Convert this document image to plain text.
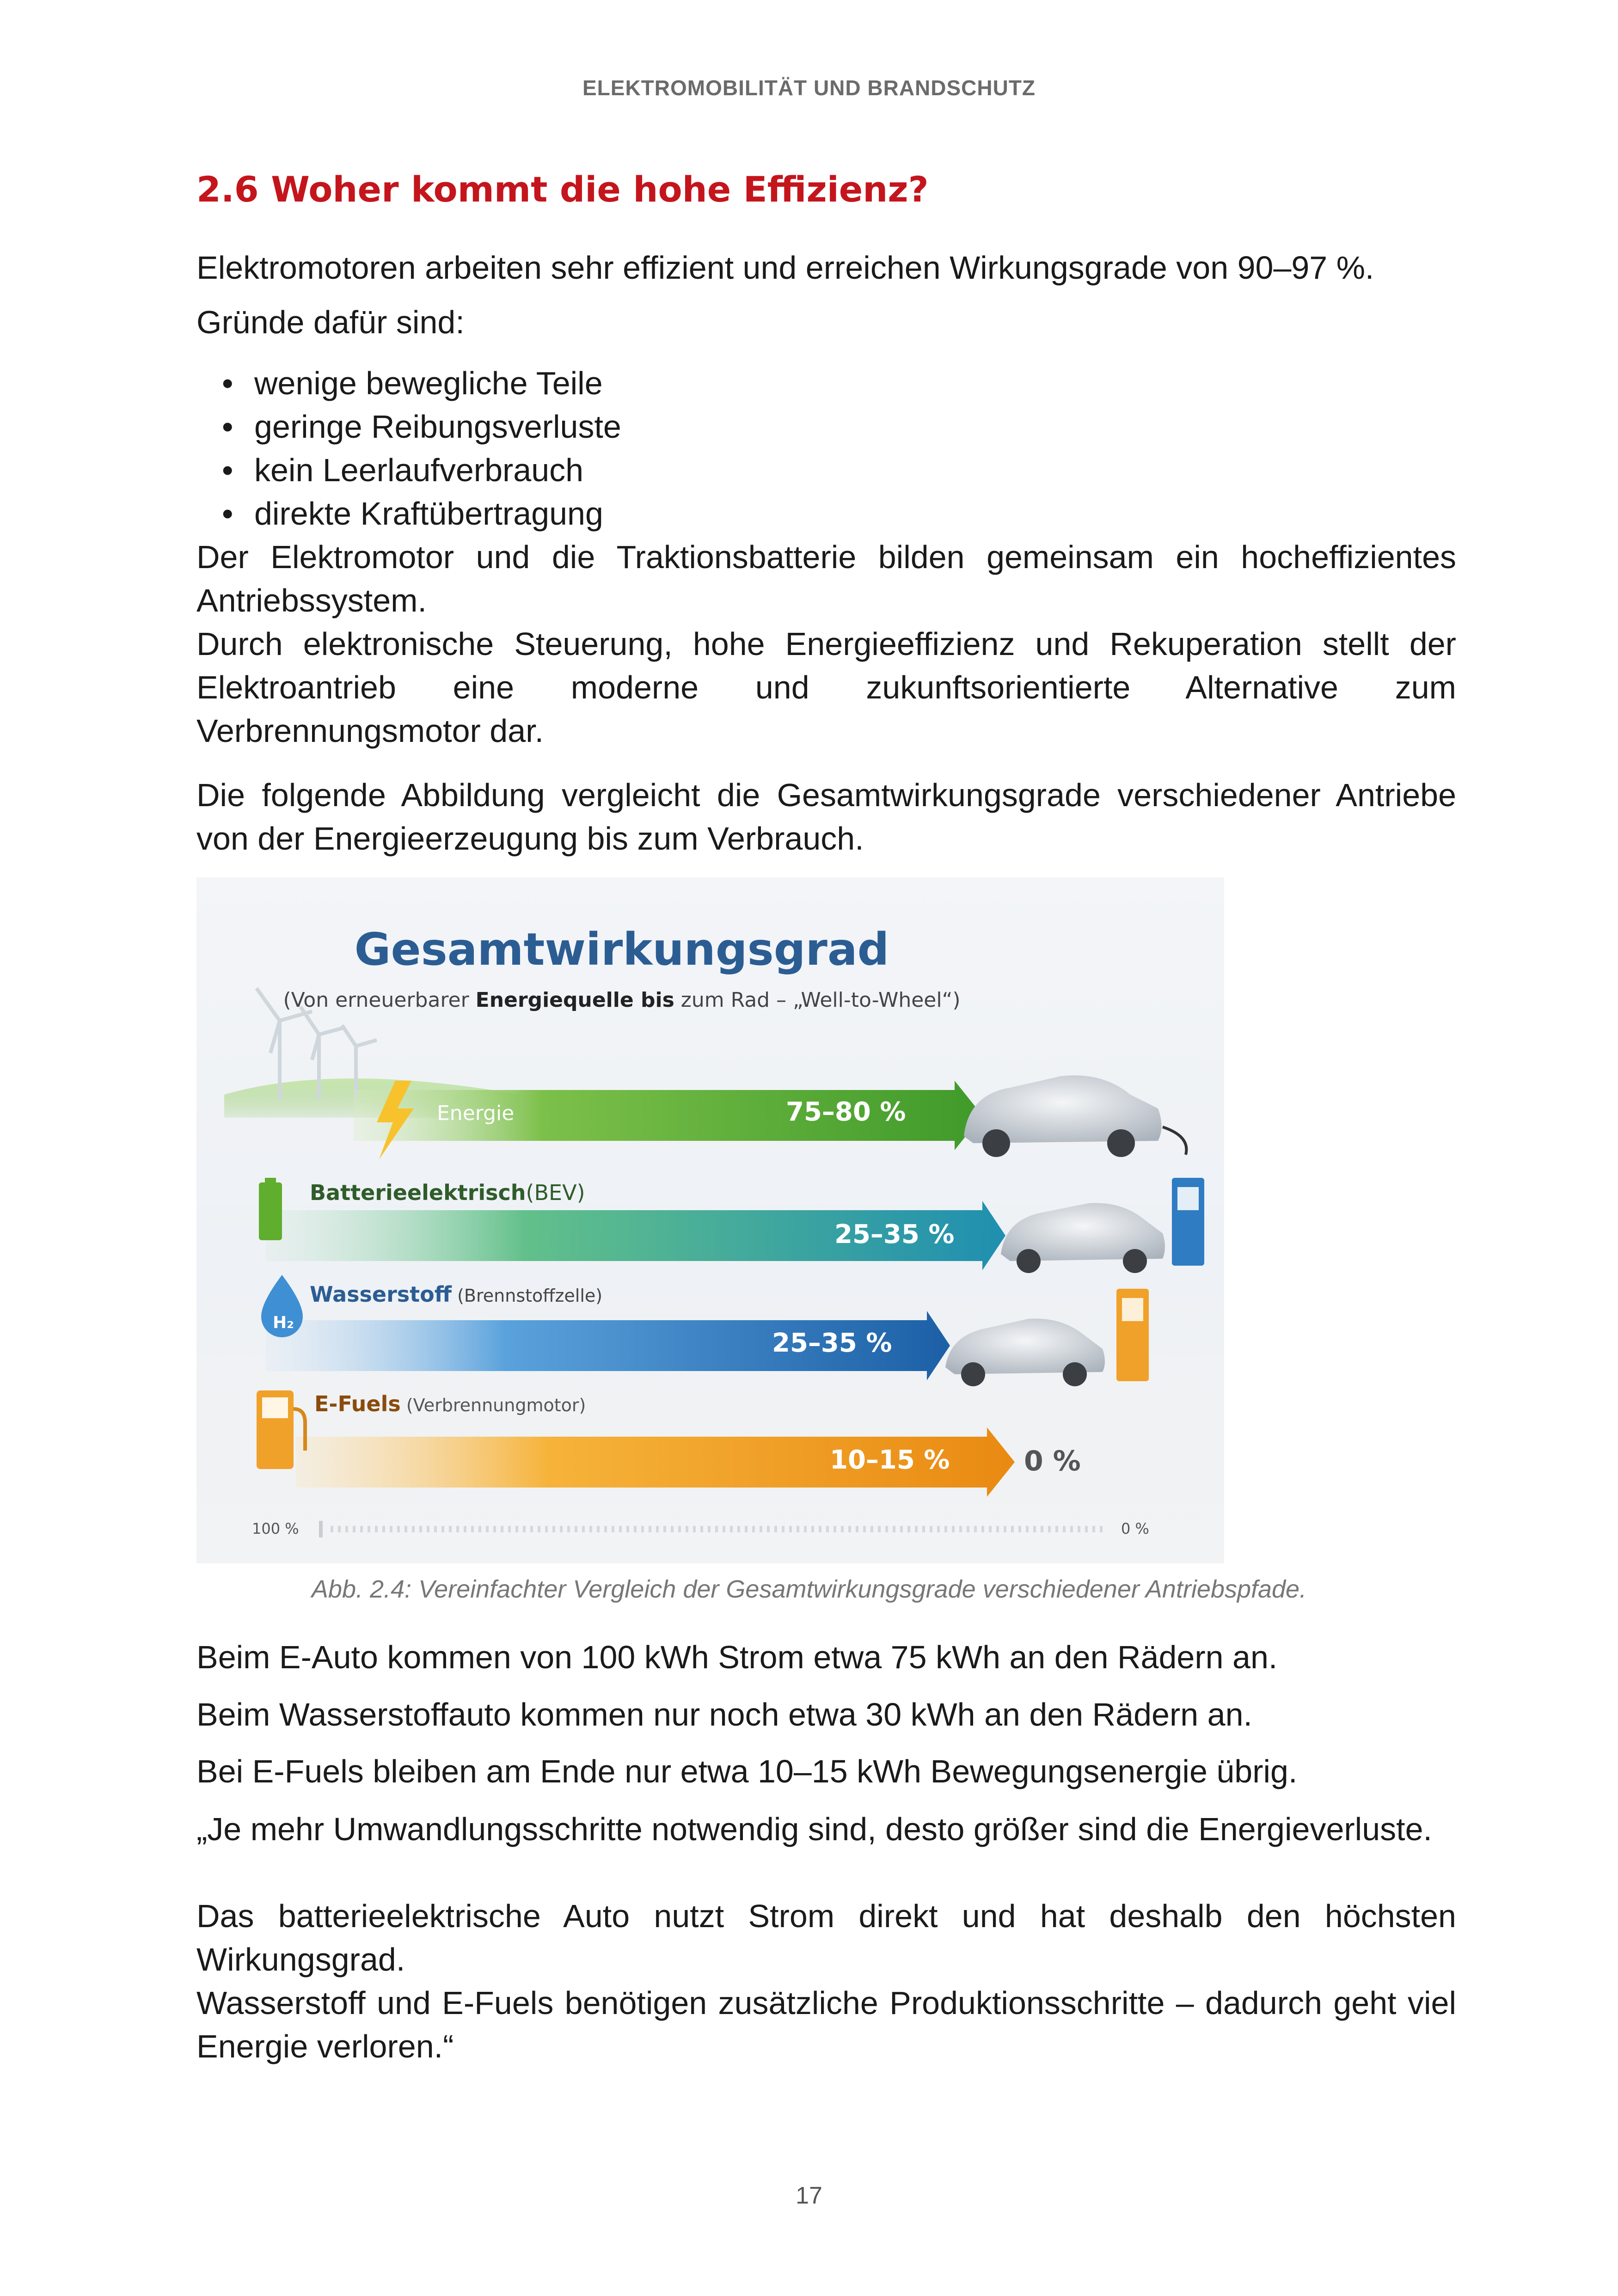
ELEKTROMOBILITÄT UND BRANDSCHUTZ
2.6 Woher kommt die hohe Effizienz?

Elektromotoren arbeiten sehr effizient und erreichen Wirkungsgrade von 90–97 %.

Gründe dafür sind:

• wenige bewegliche Teile
• geringe Reibungsverluste
• kein Leerlaufverbrauch
• direkte Kraftübertragung

Der Elektromotor und die Traktionsbatterie bilden gemeinsam ein hocheffizientes Antriebssystem.

Durch elektronische Steuerung, hohe Energieeffizienz und Rekuperation stellt der Elektroantrieb eine moderne und zukunftsorientierte Alternative zum Verbrennungsmotor dar.

Die folgende Abbildung vergleicht die Gesamtwirkungsgrade verschiedener Antriebe von der Energieerzeugung bis zum Verbrauch.

Gesamtwirkungsgrad
(Von erneuerbarer Energiequelle bis zum Rad – „Well-to-Wheel“)
H₂
Energie	75–80 %
Batterieelektrisch(BEV)
25–35 %
Wasserstoff (Brennstoffzelle)
25–35 %
E-Fuels (Verbrennungmotor)
10–15 %	0 %
100 %	0 %
Abb. 2.4: Vereinfachter Vergleich der Gesamtwirkungsgrade verschiedener Antriebspfade.

Beim E-Auto kommen von 100 kWh Strom etwa 75 kWh an den Rädern an.

Beim Wasserstoffauto kommen nur noch etwa 30 kWh an den Rädern an.

Bei E-Fuels bleiben am Ende nur etwa 10–15 kWh Bewegungsenergie übrig.

„Je mehr Umwandlungsschritte notwendig sind, desto größer sind die Energieverluste.

Das batterieelektrische Auto nutzt Strom direkt und hat deshalb den höchsten Wirkungsgrad.

Wasserstoff und E-Fuels benötigen zusätzliche Produktionsschritte – dadurch geht viel Energie verloren.“

17
